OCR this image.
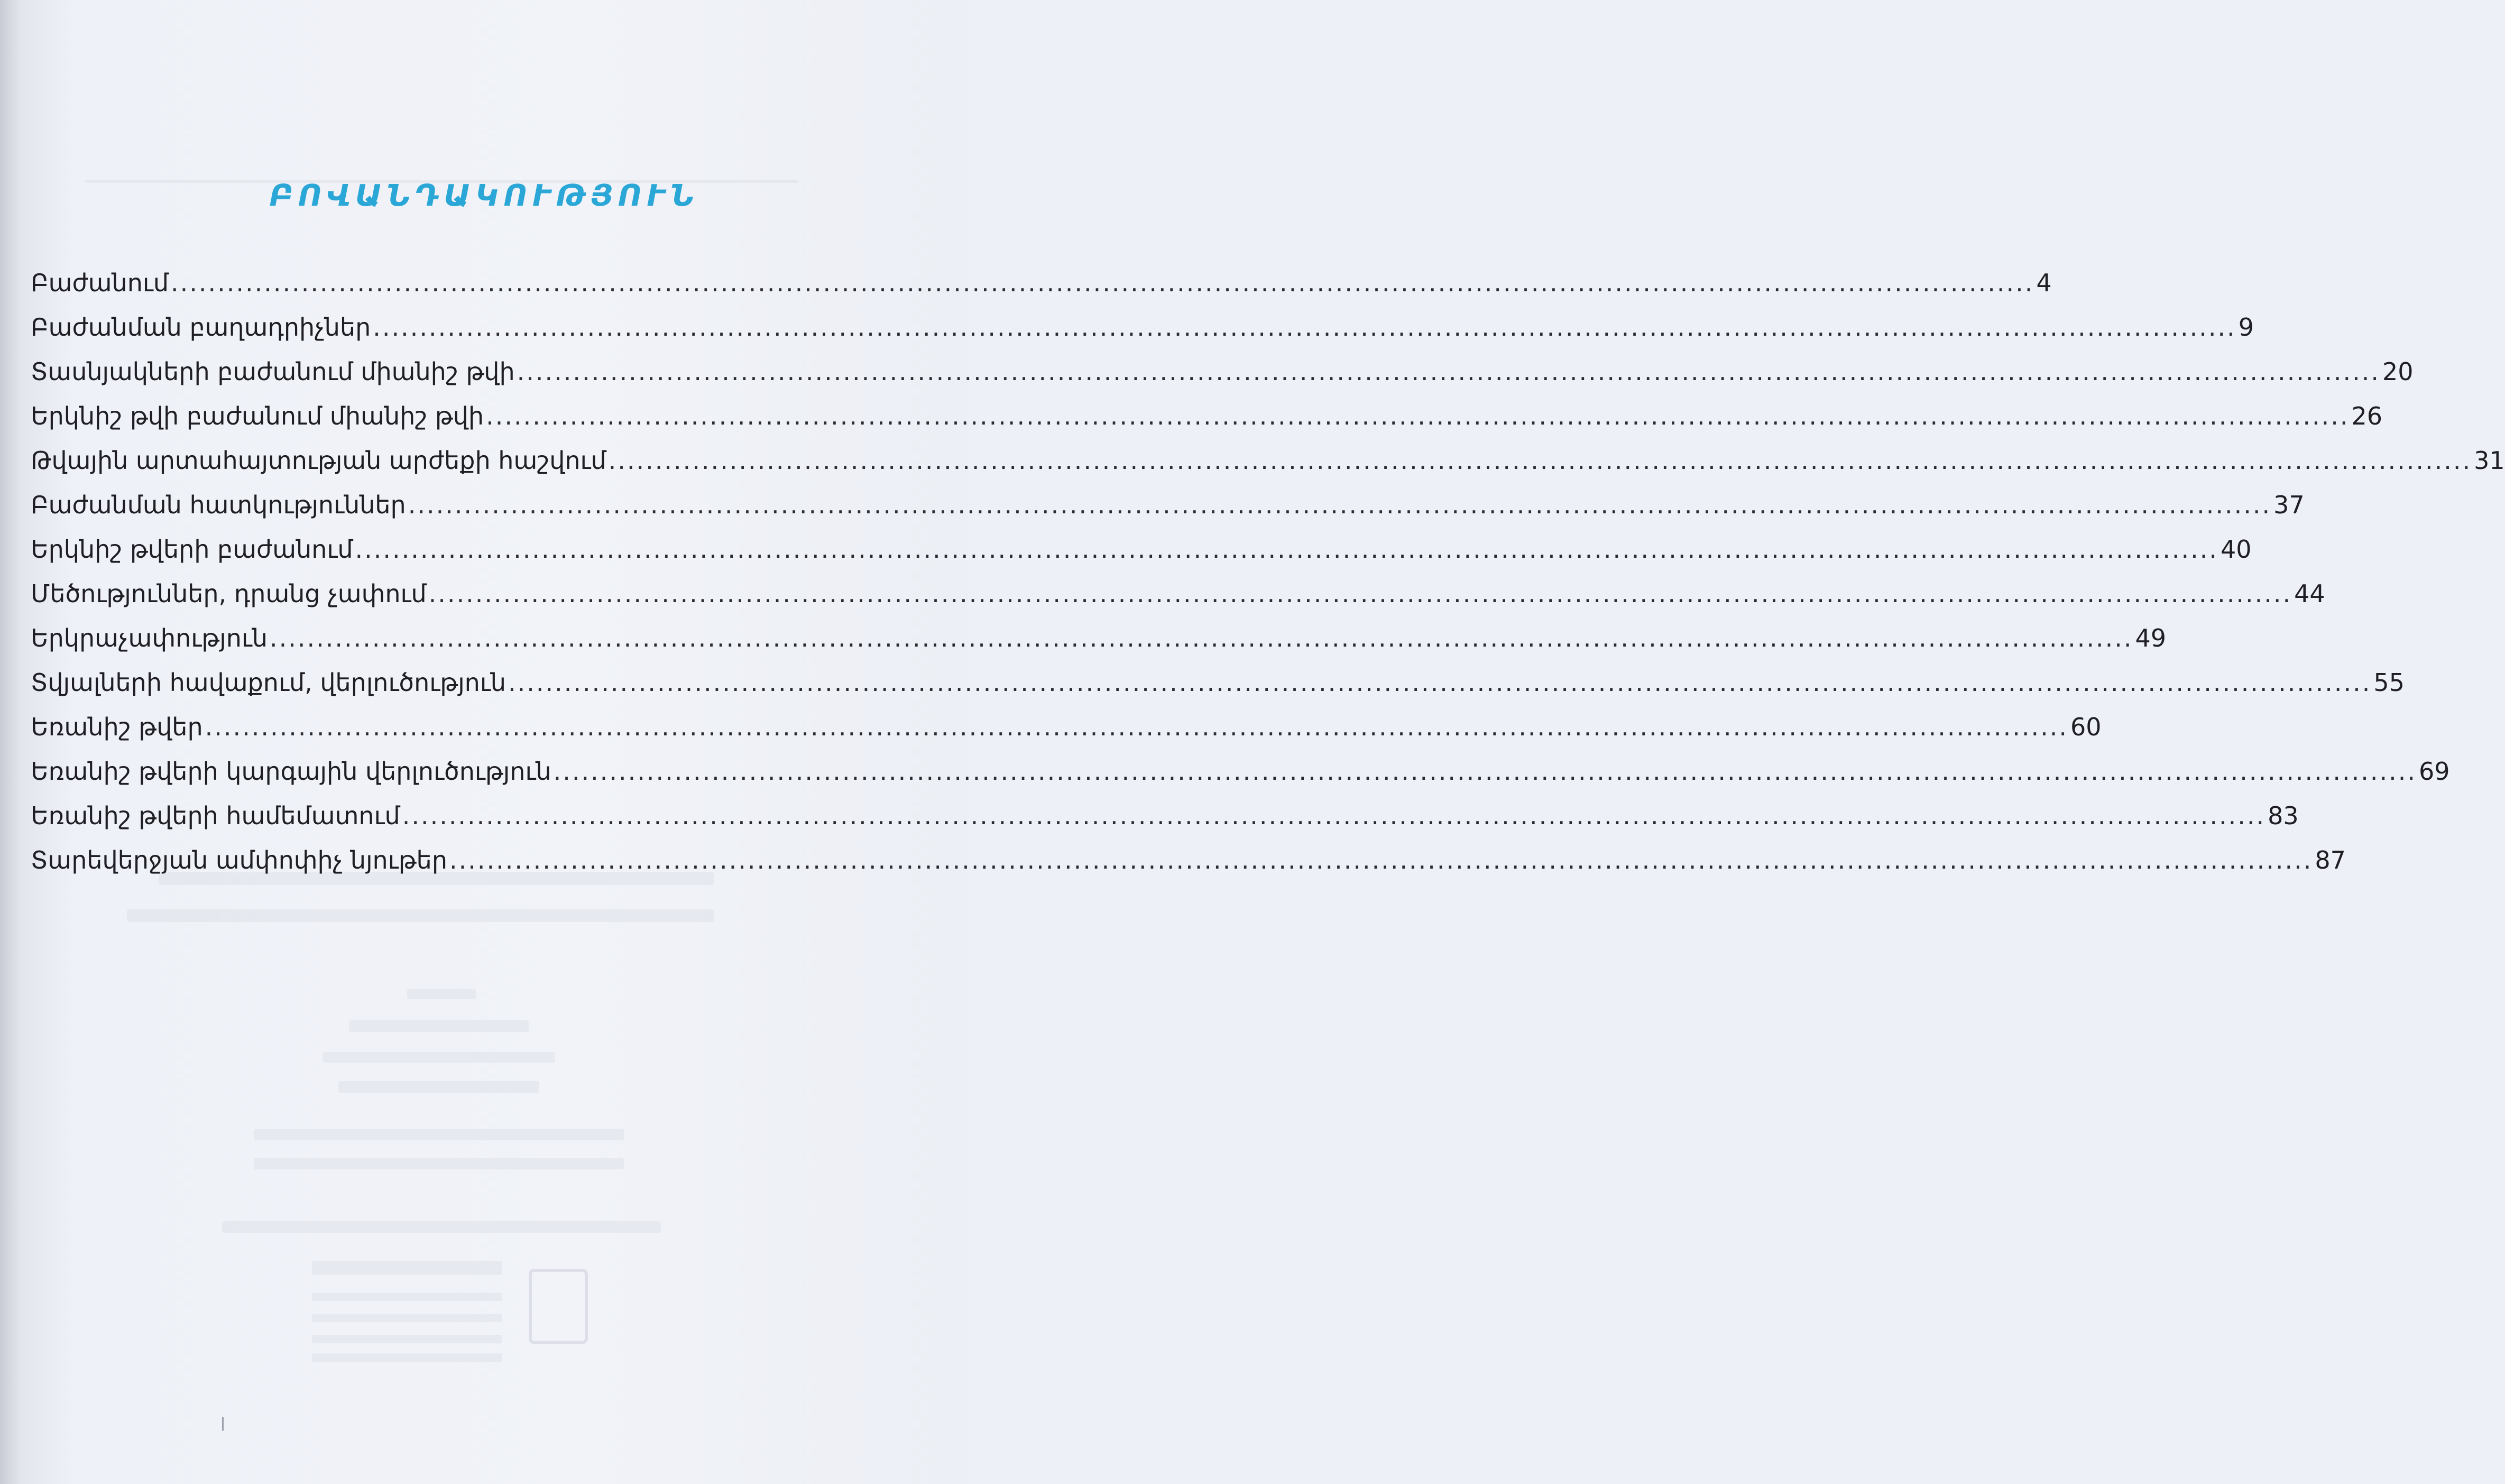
ԲՈՎԱՆԴԱԿՈՒԹՅՈՒՆ
Բաժանում ........................................................................................................................................................................................................ 4
Բաժանման բաղադրիչներ ........................................................................................................................................................................................................ 9
Տասնյակների բաժանում միանիշ թվի ........................................................................................................................................................................................................ 20
Երկնիշ թվի բաժանում միանիշ թվի ........................................................................................................................................................................................................ 26
Թվային արտահայտության արժեքի հաշվում ........................................................................................................................................................................................................ 31
Բաժանման հատկություններ ........................................................................................................................................................................................................ 37
Երկնիշ թվերի բաժանում ........................................................................................................................................................................................................ 40
Մեծություններ, դրանց չափում ........................................................................................................................................................................................................ 44
Երկրաչափություն ........................................................................................................................................................................................................ 49
Տվյալների հավաքում, վերլուծություն ........................................................................................................................................................................................................ 55
Եռանիշ թվեր ........................................................................................................................................................................................................ 60
Եռանիշ թվերի կարգային վերլուծություն ........................................................................................................................................................................................................ 69
Եռանիշ թվերի համեմատում ........................................................................................................................................................................................................ 83
Տարեվերջյան ամփոփիչ նյութեր ........................................................................................................................................................................................................ 87
